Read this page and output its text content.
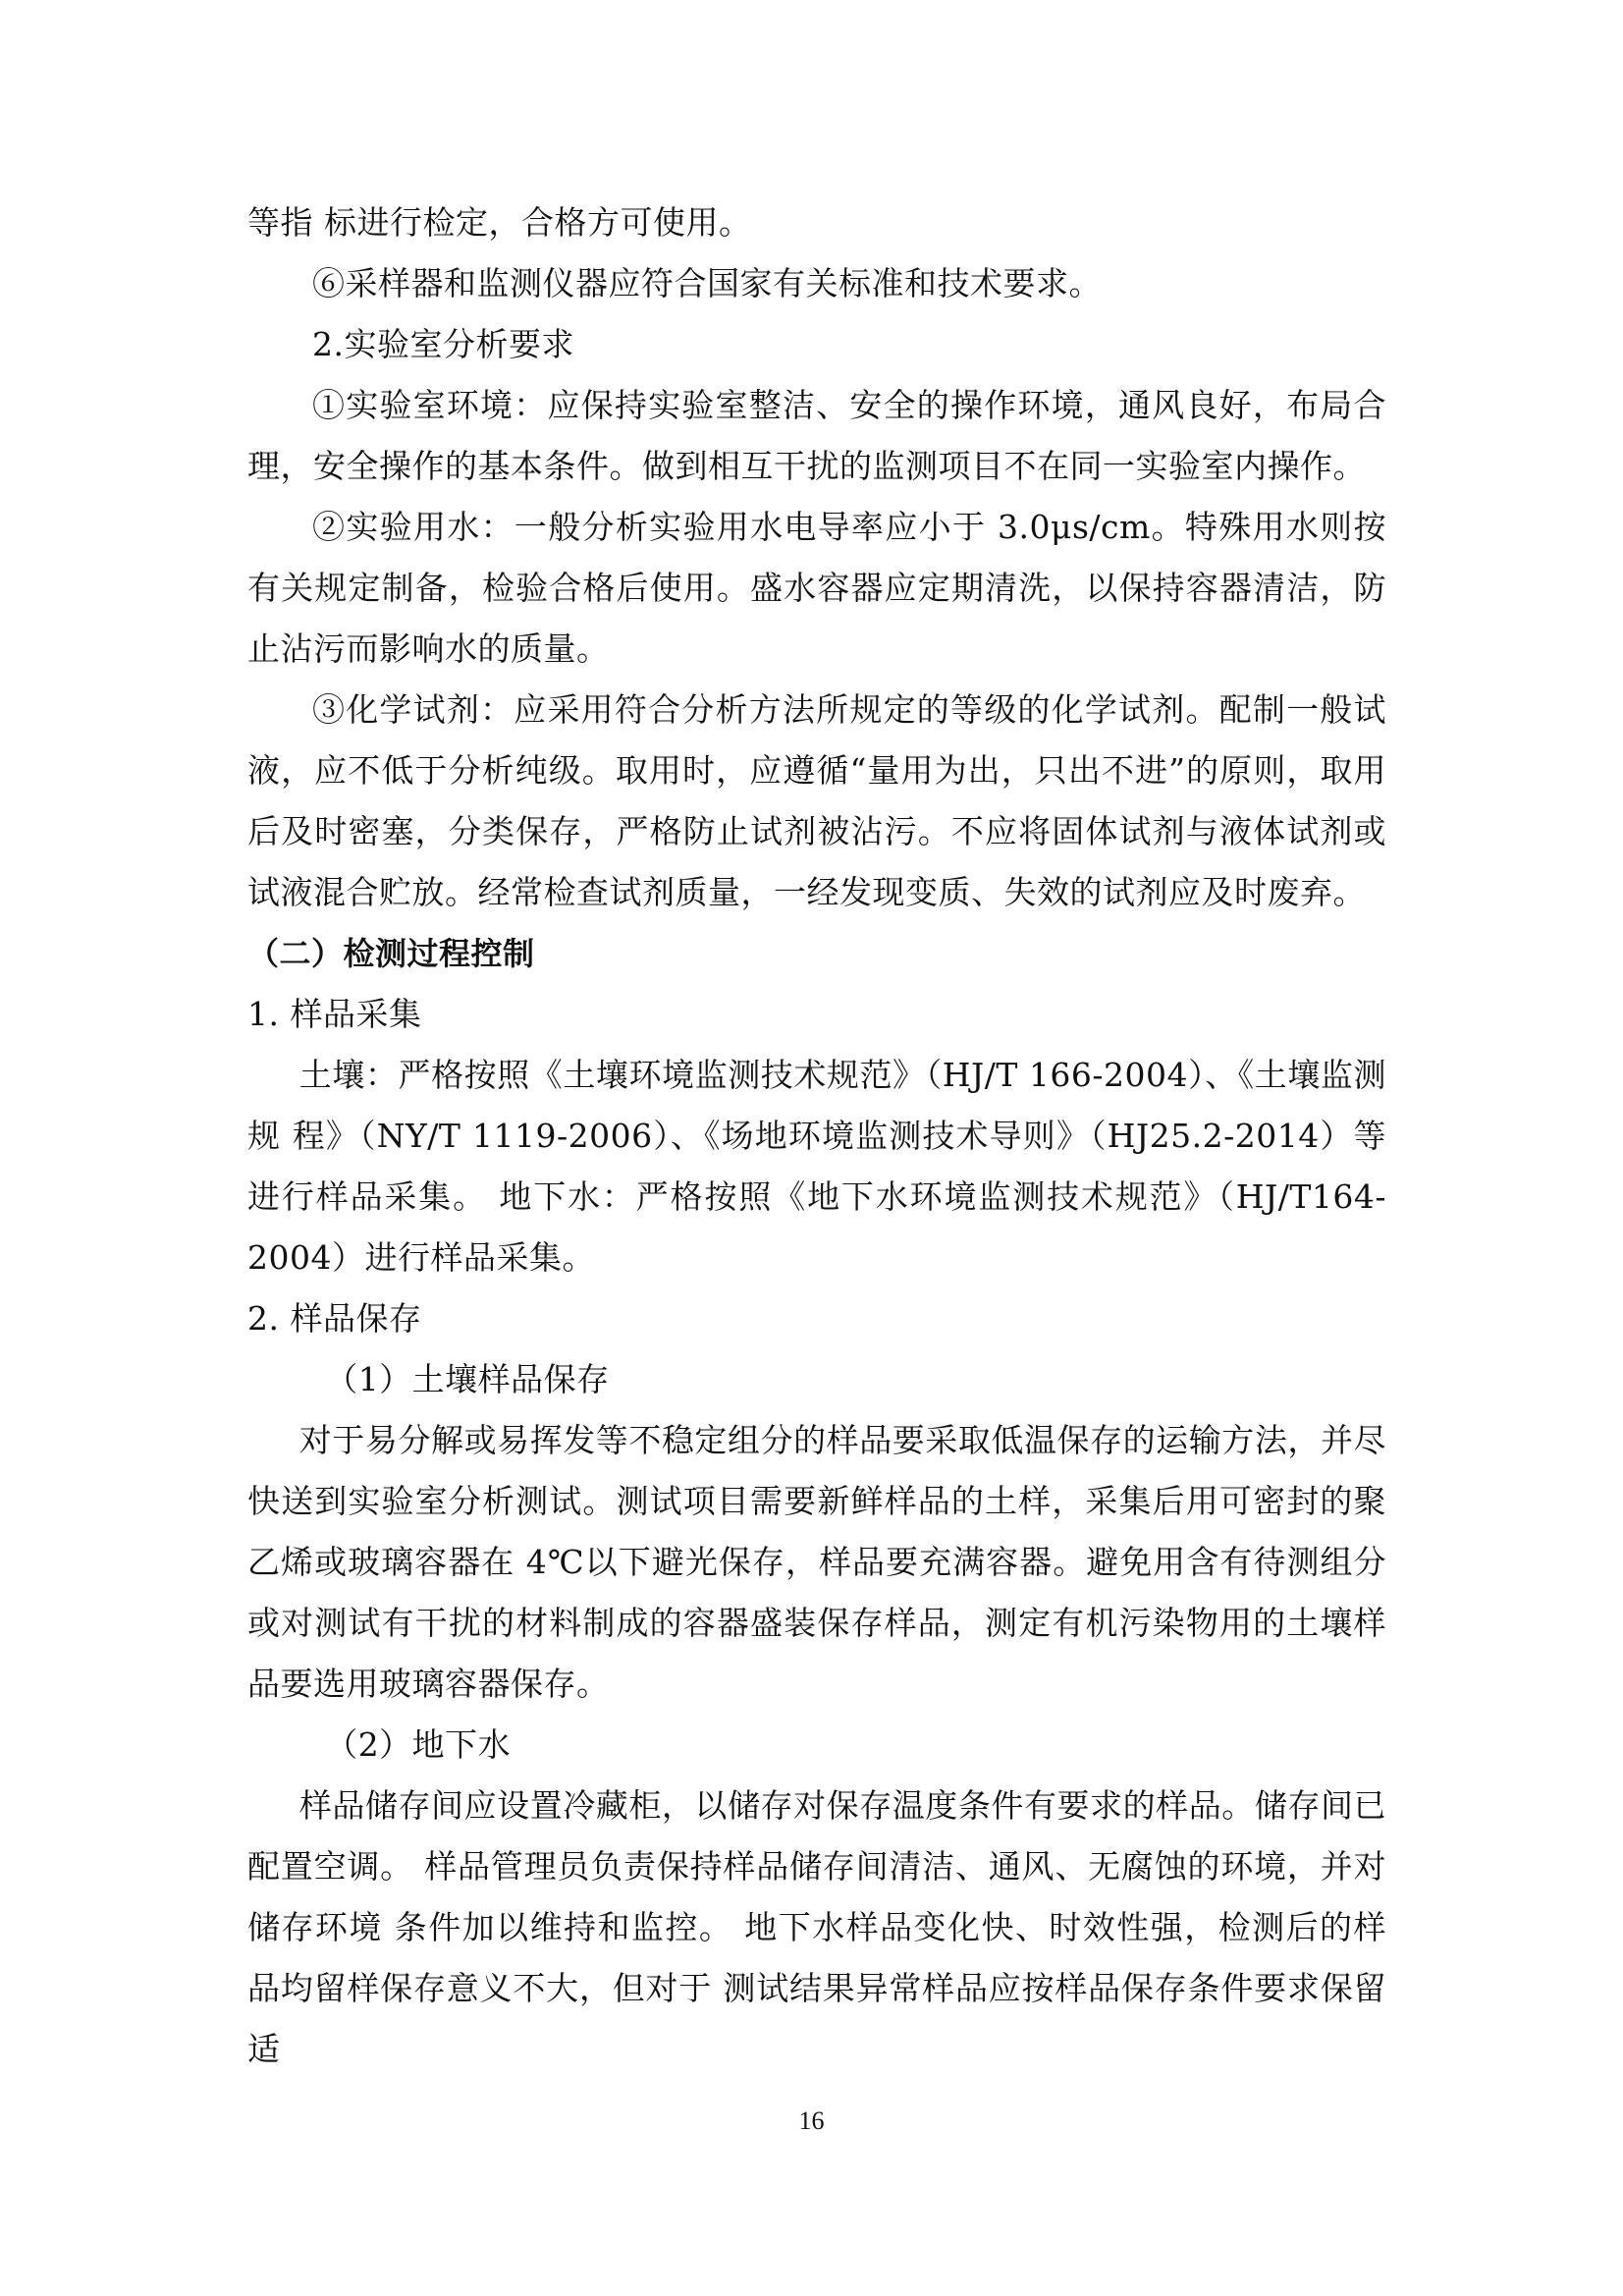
等指 标进行检定，合格方可使用。

⑥采样器和监测仪器应符合国家有关标准和技术要求。

2.实验室分析要求

①实验室环境：应保持实验室整洁、安全的操作环境，通风良好，布局合理，安全操作的基本条件。做到相互干扰的监测项目不在同一实验室内操作。

②实验用水：一般分析实验用水电导率应小于 3.0μs/cm。特殊用水则按有关规定制备，检验合格后使用。盛水容器应定期清洗，以保持容器清洁，防止沾污而影响水的质量。

③化学试剂：应采用符合分析方法所规定的等级的化学试剂。配制一般试液，应不低于分析纯级。取用时，应遵循“量用为出，只出不进”的原则，取用后及时密塞，分类保存，严格防止试剂被沾污。不应将固体试剂与液体试剂或试液混合贮放。经常检查试剂质量，一经发现变质、失效的试剂应及时废弃。

（二）检测过程控制

1. 样品采集

土壤：严格按照《土壤环境监测技术规范》（HJ/T 166-2004）、《土壤监测规 程》（NY/T 1119-2006）、《场地环境监测技术导则》（HJ25.2-2014）等进行样品采集。 地下水：严格按照《地下水环境监测技术规范》（HJ/T164-2004）进行样品采集。

2. 样品保存

（1）土壤样品保存

对于易分解或易挥发等不稳定组分的样品要采取低温保存的运输方法，并尽快送到实验室分析测试。测试项目需要新鲜样品的土样，采集后用可密封的聚乙烯或玻璃容器在 4℃以下避光保存，样品要充满容器。避免用含有待测组分或对测试有干扰的材料制成的容器盛装保存样品，测定有机污染物用的土壤样品要选用玻璃容器保存。

（2）地下水

样品储存间应设置冷藏柜，以储存对保存温度条件有要求的样品。储存间已配置空调。 样品管理员负责保持样品储存间清洁、通风、无腐蚀的环境，并对储存环境 条件加以维持和监控。 地下水样品变化快、时效性强，检测后的样品均留样保存意义不大，但对于 测试结果异常样品应按样品保存条件要求保留适

16
